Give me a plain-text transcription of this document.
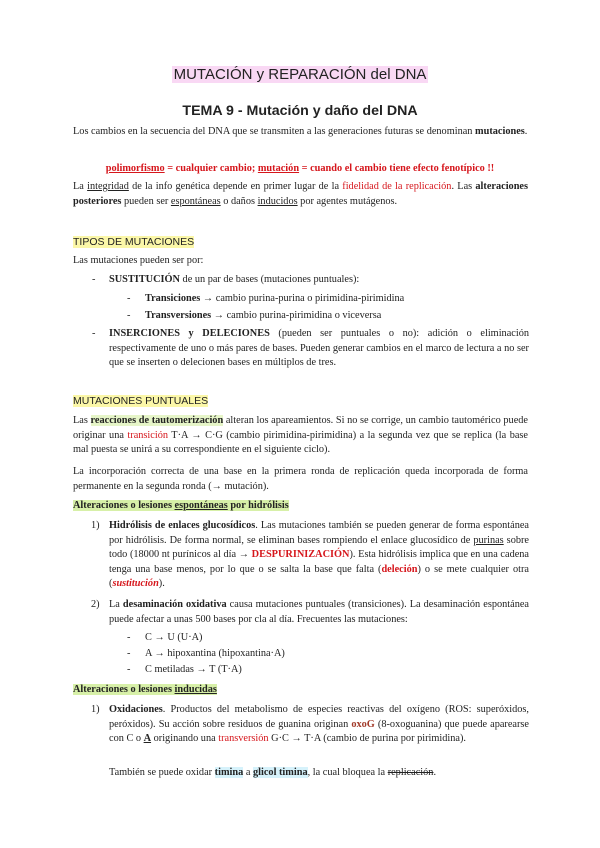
MUTACIÓN y REPARACIÓN del DNA
TEMA 9 - Mutación y daño del DNA
Los cambios en la secuencia del DNA que se transmiten a las generaciones futuras se denominan mutaciones.
polimorfismo = cualquier cambio; mutación = cuando el cambio tiene efecto fenotípico !!
La integridad de la info genética depende en primer lugar de la fidelidad de la replicación. Las alteraciones posteriores pueden ser espontáneas o daños inducidos por agentes mutágenos.
TIPOS DE MUTACIONES
Las mutaciones pueden ser por:
- SUSTITUCIÓN de un par de bases (mutaciones puntuales):
- Transiciones → cambio purina-purina o pirimidina-pirimidina
- Transversiones → cambio purina-pirimidina o viceversa
- INSERCIONES y DELECIONES (pueden ser puntuales o no): adición o eliminación respectivamente de uno o más pares de bases. Pueden generar cambios en el marco de lectura a no ser que se inserten o delecionen bases en múltiplos de tres.
MUTACIONES PUNTUALES
Las reacciones de tautomerización alteran los apareamientos. Si no se corrige, un cambio tautomérico puede originar una transición T·A → C·G (cambio pirimidina-pirimidina) a la segunda vez que se replica (la base mal puesta se unirá a su correspondiente en el siguiente ciclo).
La incorporación correcta de una base en la primera ronda de replicación queda incorporada de forma permanente en la segunda ronda (→ mutación).
Alteraciones o lesiones espontáneas por hidrólisis
1) Hidrólisis de enlaces glucosídicos. Las mutaciones también se pueden generar de forma espontánea por hidrólisis. De forma normal, se eliminan bases rompiendo el enlace glucosídico de purinas sobre todo (18000 nt purínicos al día → DESPURINIZACIÓN). Esta hidrólisis implica que en una cadena tenga una base menos, por lo que o se salta la base que falta (deleción) o se mete cualquier otra (sustitución).
2) La desaminación oxidativa causa mutaciones puntuales (transiciones). La desaminación espontánea puede afectar a unas 500 bases por cla al día. Frecuentes las mutaciones:
- C → U (U·A)
- A → hipoxantina (hipoxantina·A)
- C metiladas → T (T·A)
Alteraciones o lesiones inducidas
1) Oxidaciones. Productos del metabolismo de especies reactivas del oxígeno (ROS: superóxidos, peróxidos). Su acción sobre residuos de guanina originan oxoG (8-oxoguanina) que puede aparearse con C o A originando una transversión G·C → T·A (cambio de purina por pirimidina).
También se puede oxidar timina a glicol timina, la cual bloquea la replicación.
